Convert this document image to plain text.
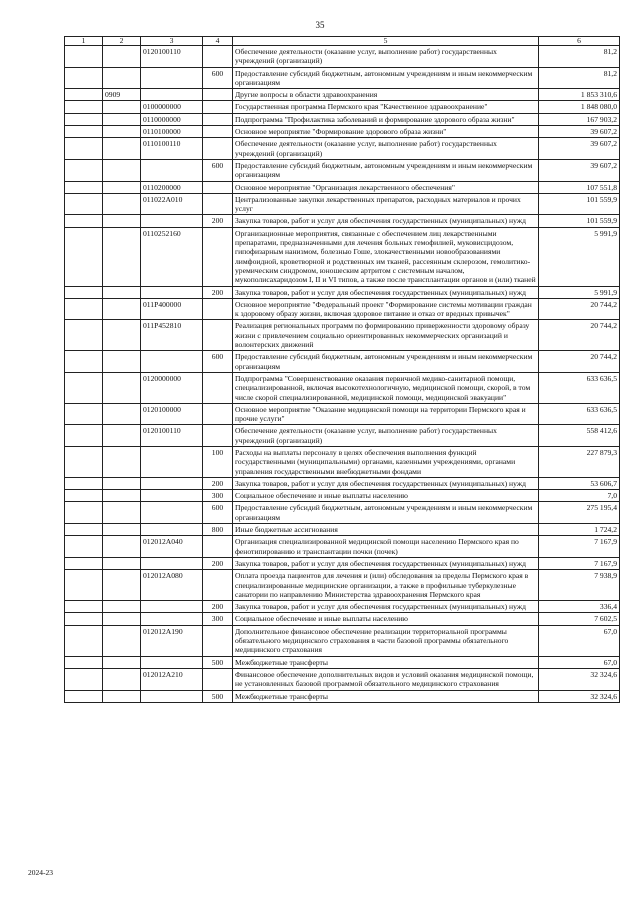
35
1	2	3	4	5	6
		0120100110		Обеспечение деятельности (оказание услуг, выполнение работ) государственных учреждений (организаций)	81,2
			600	Предоставление субсидий бюджетным, автономным учреждениям и иным некоммерческим организациям	81,2
	0909			Другие вопросы в области здравоохранения	1 853 310,6
		0100000000		Государственная программа Пермского края "Качественное здравоохранение"	1 848 080,0
		0110000000		Подпрограмма "Профилактика заболеваний и формирование здорового образа жизни"	167 903,2
		0110100000		Основное мероприятие "Формирование здорового образа жизни"	39 607,2
		0110100110		Обеспечение деятельности (оказание услуг, выполнение работ) государственных учреждений (организаций)	39 607,2
			600	Предоставление субсидий бюджетным, автономным учреждениям и иным некоммерческим организациям	39 607,2
		0110200000		Основное мероприятие "Организация лекарственного обеспечения"	107 551,8
		011022A010		Централизованные закупки лекарственных препаратов, расходных материалов и прочих услуг	101 559,9
			200	Закупка товаров, работ и услуг для обеспечения государственных (муниципальных) нужд	101 559,9
		0110252160		Организационные мероприятия, связанные с обеспечением лиц лекарственными препаратами, предназначенными для лечения больных гемофилией, муковисцидозом, гипофизарным нанизмом, болезнью Гоше, злокачественными новообразованиями лимфоидной, кроветворной и родственных им тканей, рассеянным склерозом, гемолитико-уремическим синдромом, юношеским артритом с системным началом, мукополисахаридозом I, II и VI типов, а также после трансплантации органов и (или) тканей	5 991,9
			200	Закупка товаров, работ и услуг для обеспечения государственных (муниципальных) нужд	5 991,9
		011P400000		Основное мероприятие "Федеральный проект "Формирование системы мотивации граждан к здоровому образу жизни, включая здоровое питание и отказ от вредных привычек"	20 744,2
		011P452810		Реализация региональных программ по формированию приверженности здоровому образу жизни с привлечением социально ориентированных некоммерческих организаций и волонтерских движений	20 744,2
			600	Предоставление субсидий бюджетным, автономным учреждениям и иным некоммерческим организациям	20 744,2
		0120000000		Подпрограмма "Совершенствование оказания первичной медико-санитарной помощи, специализированной, включая высокотехнологичную, медицинской помощи, скорой, в том числе скорой специализированной, медицинской помощи, медицинской эвакуации"	633 636,5
		0120100000		Основное мероприятие "Оказание медицинской помощи на территории Пермского края и прочие услуги"	633 636,5
		0120100110		Обеспечение деятельности (оказание услуг, выполнение работ) государственных учреждений (организаций)	558 412,6
			100	Расходы на выплаты персоналу в целях обеспечения выполнения функций государственными (муниципальными) органами, казенными учреждениями, органами управления государственными внебюджетными фондами	227 879,3
			200	Закупка товаров, работ и услуг для обеспечения государственных (муниципальных) нужд	53 606,7
			300	Социальное обеспечение и иные выплаты населению	7,0
			600	Предоставление субсидий бюджетным, автономным учреждениям и иным некоммерческим организациям	275 195,4
			800	Иные бюджетные ассигнования	1 724,2
		012012A040		Организация специализированной медицинской помощи населению Пермского края по фенотипированию и транспантации почки (почек)	7 167,9
			200	Закупка товаров, работ и услуг для обеспечения государственных (муниципальных) нужд	7 167,9
		012012A080		Оплата проезда пациентов для лечения и (или) обследования за пределы Пермского края в специализированные медицинские организации, а также в профильные туберкулезные санатории по направлению Министерства здравоохранения Пермского края	7 938,9
			200	Закупка товаров, работ и услуг для обеспечения государственных (муниципальных) нужд	336,4
			300	Социальное обеспечение и иные выплаты населению	7 602,5
		012012A190		Дополнительное финансовое обеспечение реализации территориальной программы обязательного медицинского страхования в части базовой программы обязательного медицинского страхования	67,0
			500	Межбюджетные трансферты	67,0
		012012A210		Финансовое обеспечение дополнительных видов и условий оказания медицинской помощи, не установленных базовой программой обязательного медицинского страхования	32 324,6
			500	Межбюджетные трансферты	32 324,6
2024-23
